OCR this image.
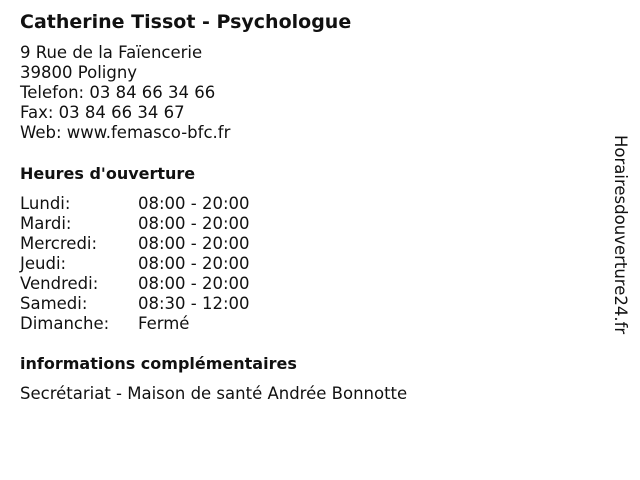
Catherine Tissot - Psychologue
9 Rue de la Faïencerie
39800 Poligny
Telefon: 03 84 66 34 66
Fax: 03 84 66 34 67
Web: www.femasco-bfc.fr
Heures d'ouverture
Lundi:	08:00 - 20:00
Mardi:	08:00 - 20:00
Mercredi:	08:00 - 20:00
Jeudi:	08:00 - 20:00
Vendredi:	08:00 - 20:00
Samedi:	08:30 - 12:00
Dimanche:	Fermé
informations complémentaires
Secrétariat - Maison de santé Andrée Bonnotte
Horairesdouverture24.fr
